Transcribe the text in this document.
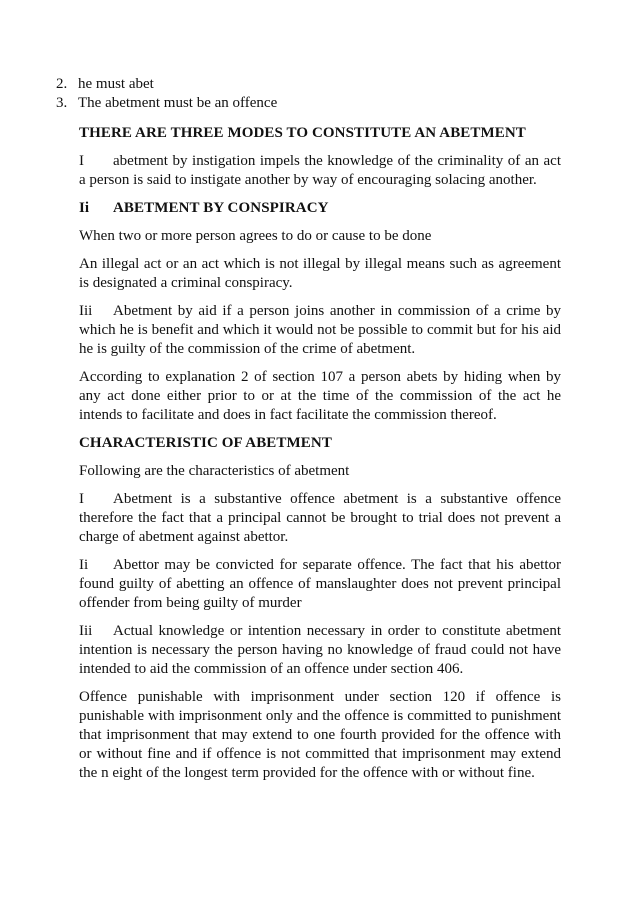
2. he must abet
3. The abetment must be an offence
THERE ARE THREE MODES TO CONSTITUTE AN ABETMENT

I abetment by instigation impels the knowledge of the criminality of an act a person is said to instigate another by way of encouraging solacing another.

Ii ABETMENT BY CONSPIRACY

When two or more person agrees to do or cause to be done

An illegal act or an act which is not illegal by illegal means such as agreement is designated a criminal conspiracy.

Iii Abetment by aid if a person joins another in commission of a crime by which he is benefit and which it would not be possible to commit but for his aid he is guilty of the commission of the crime of abetment.

According to explanation 2 of section 107 a person abets by hiding when by any act done either prior to or at the time of the commission of the act he intends to facilitate and does in fact facilitate the commission thereof.

CHARACTERISTIC OF ABETMENT

Following are the characteristics of abetment

I Abetment is a substantive offence abetment is a substantive offence therefore the fact that a principal cannot be brought to trial does not prevent a charge of abetment against abettor.

Ii Abettor may be convicted for separate offence. The fact that his abettor found guilty of abetting an offence of manslaughter does not prevent principal offender from being guilty of murder

Iii Actual knowledge or intention necessary in order to constitute abetment intention is necessary the person having no knowledge of fraud could not have intended to aid the commission of an offence under section 406.

Offence punishable with imprisonment under section 120 if offence is punishable with imprisonment only and the offence is committed to punishment that imprisonment that may extend to one fourth provided for the offence with or without fine and if offence is not committed that imprisonment may extend the n eight of the longest term provided for the offence with or without fine.
